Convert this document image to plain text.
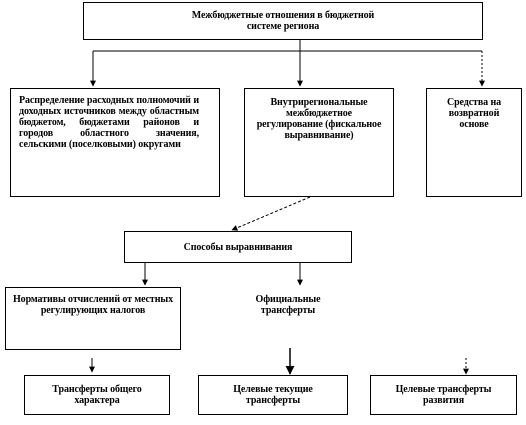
Межбюджетные отношения в бюджетной системе региона
Распределение расходных полномочий и доходных источников между областным бюджетом, бюджетами районов и городов областного значения, сельскими (поселковыми) округами
Внутрирегиональные межбюджетное регулирование (фискальное выравнивание)
Средства на возвратной основе
Способы выравнивания
Нормативы отчислений от местных регулирующих налогов
Официальные трансферты
Трансферты общего характера
Целевые текущие трансферты
Целевые трансферты развития
